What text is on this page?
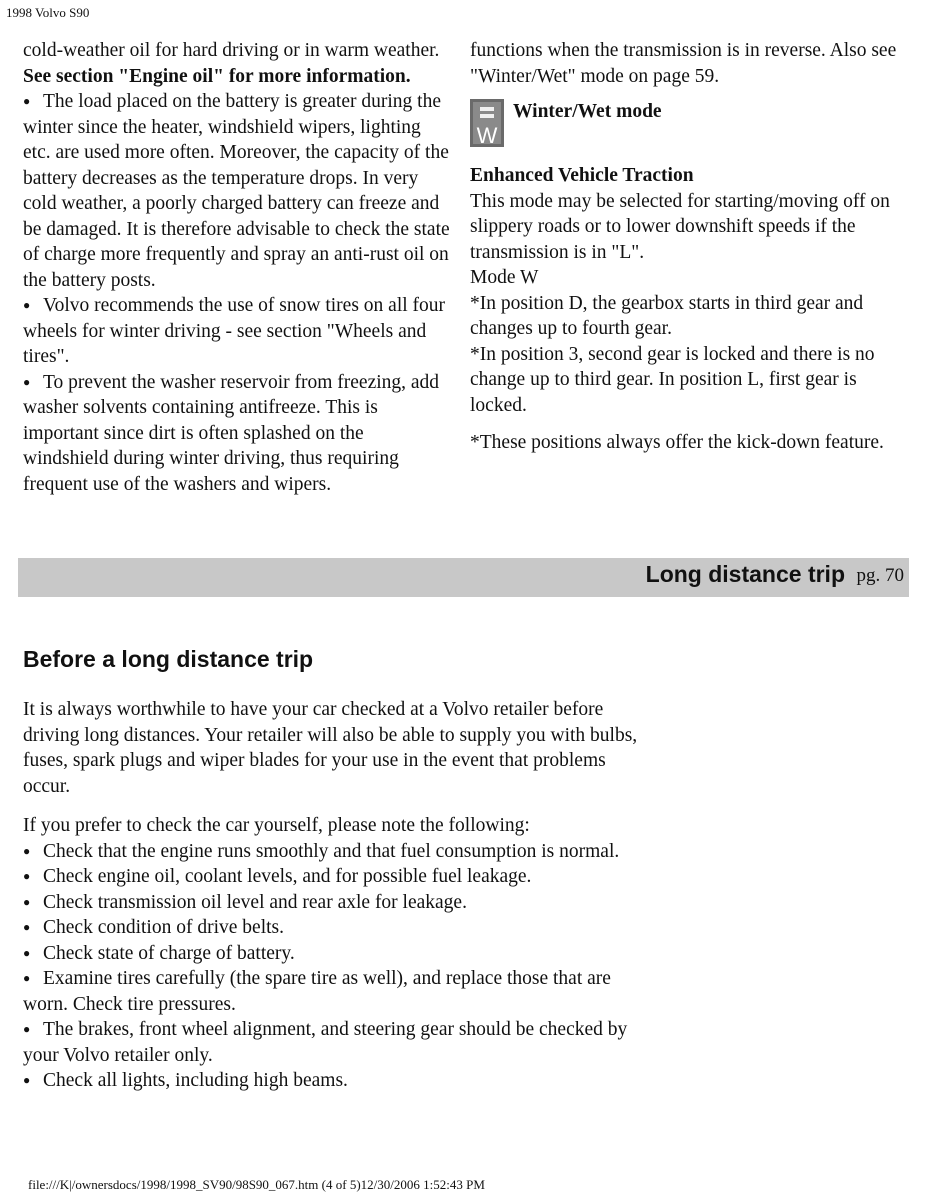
1998 Volvo S90

cold-weather oil for hard driving or in warm weather. See section "Engine oil" for more information.

● The load placed on the battery is greater during the winter since the heater, windshield wipers, lighting etc. are used more often. Moreover, the capacity of the battery decreases as the temperature drops. In very cold weather, a poorly charged battery can freeze and be damaged. It is therefore advisable to check the state of charge more frequently and spray an anti-rust oil on the battery posts.

● Volvo recommends the use of snow tires on all four wheels for winter driving - see section "Wheels and tires".

● To prevent the washer reservoir from freezing, add washer solvents containing antifreeze. This is important since dirt is often splashed on the windshield during winter driving, thus requiring frequent use of the washers and wipers.

functions when the transmission is in reverse. Also see "Winter/Wet" mode on page 59.

W
Winter/Wet mode

Enhanced Vehicle Traction

This mode may be selected for starting/moving off on slippery roads or to lower downshift speeds if the transmission is in "L".

Mode W

*In position D, the gearbox starts in third gear and changes up to fourth gear.

*In position 3, second gear is locked and there is no change up to third gear. In position L, first gear is locked.

*These positions always offer the kick-down feature.

Long distance trip pg. 70
Before a long distance trip

It is always worthwhile to have your car checked at a Volvo retailer before driving long distances. Your retailer will also be able to supply you with bulbs, fuses, spark plugs and wiper blades for your use in the event that problems occur.

If you prefer to check the car yourself, please note the following:

● Check that the engine runs smoothly and that fuel consumption is normal.

● Check engine oil, coolant levels, and for possible fuel leakage.

● Check transmission oil level and rear axle for leakage.

● Check condition of drive belts.

● Check state of charge of battery.

● Examine tires carefully (the spare tire as well), and replace those that are worn. Check tire pressures.

● The brakes, front wheel alignment, and steering gear should be checked by your Volvo retailer only.

● Check all lights, including high beams.

file:///K|/ownersdocs/1998/1998_SV90/98S90_067.htm (4 of 5)12/30/2006 1:52:43 PM
